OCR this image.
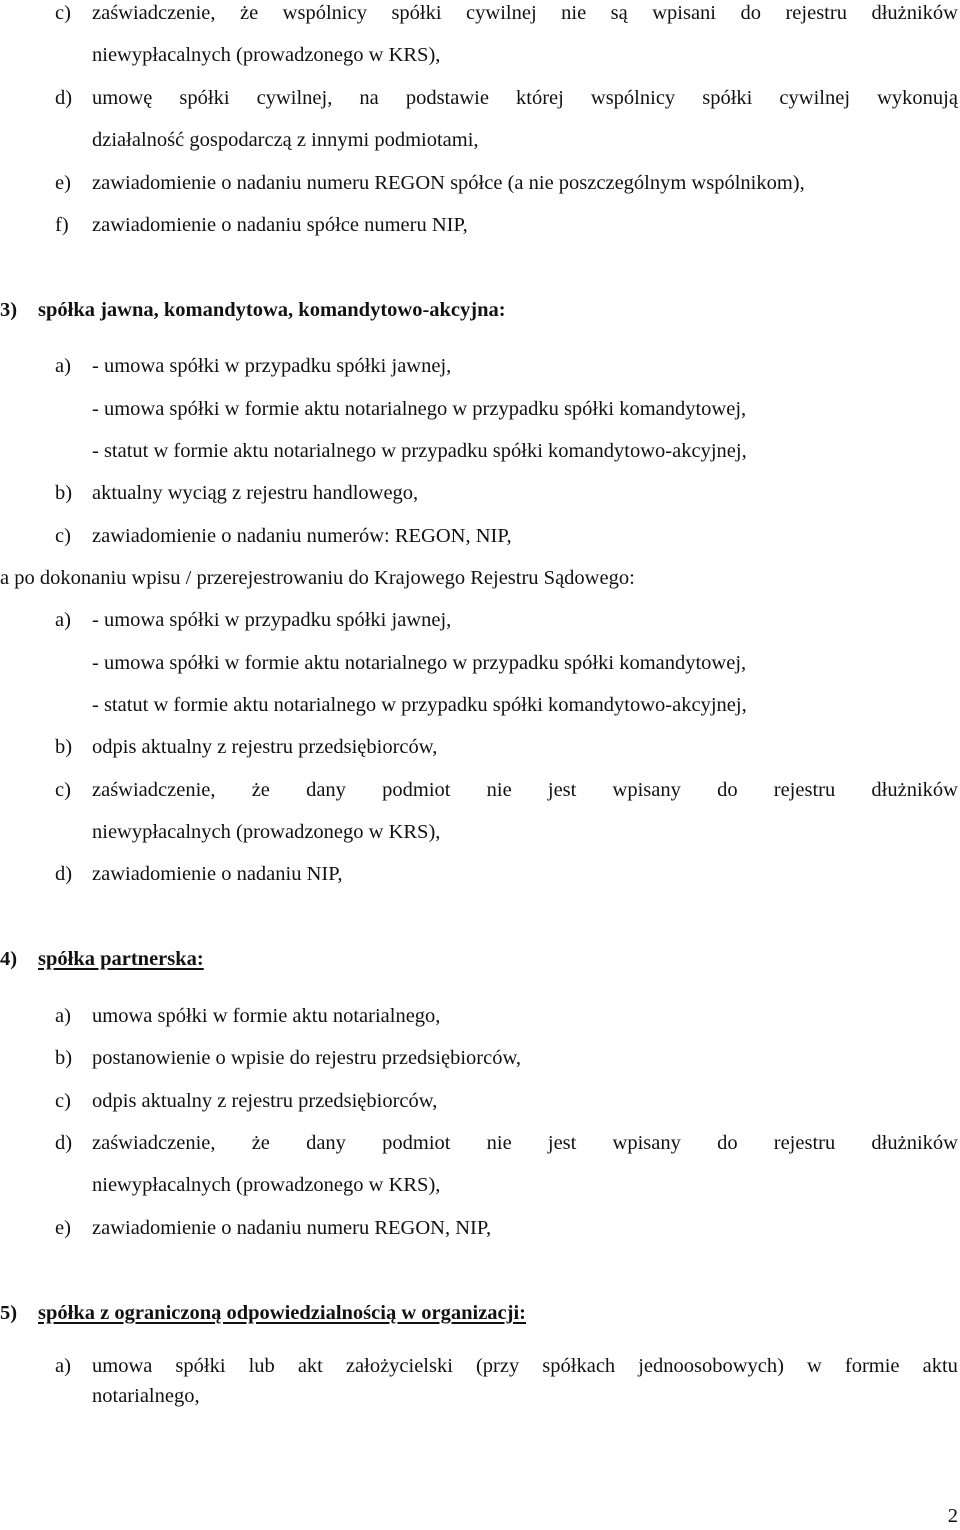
c) zaświadczenie, że wspólnicy spółki cywilnej nie są wpisani do rejestru dłużników
niewypłacalnych (prowadzonego w KRS),
d) umowę spółki cywilnej, na podstawie której wspólnicy spółki cywilnej wykonują
działalność gospodarczą z innymi podmiotami,
e) zawiadomienie o nadaniu numeru REGON spółce (a nie poszczególnym wspólnikom),
f) zawiadomienie o nadaniu spółce numeru NIP,
3) spółka jawna, komandytowa, komandytowo-akcyjna:
a) - umowa spółki w przypadku spółki jawnej,
- umowa spółki w formie aktu notarialnego w przypadku spółki komandytowej,
- statut w formie aktu notarialnego w przypadku spółki komandytowo-akcyjnej,
b) aktualny wyciąg z rejestru handlowego,
c) zawiadomienie o nadaniu numerów: REGON, NIP,
a po dokonaniu wpisu / przerejestrowaniu do Krajowego Rejestru Sądowego:
a) - umowa spółki w przypadku spółki jawnej,
- umowa spółki w formie aktu notarialnego w przypadku spółki komandytowej,
- statut w formie aktu notarialnego w przypadku spółki komandytowo-akcyjnej,
b) odpis aktualny z rejestru przedsiębiorców,
c) zaświadczenie, że dany podmiot nie jest wpisany do rejestru dłużników
niewypłacalnych (prowadzonego w KRS),
d) zawiadomienie o nadaniu NIP,
4) spółka partnerska:
a) umowa spółki w formie aktu notarialnego,
b) postanowienie o wpisie do rejestru przedsiębiorców,
c) odpis aktualny z rejestru przedsiębiorców,
d) zaświadczenie, że dany podmiot nie jest wpisany do rejestru dłużników
niewypłacalnych (prowadzonego w KRS),
e) zawiadomienie o nadaniu numeru REGON, NIP,
5) spółka z ograniczoną odpowiedzialnością w organizacji:
a) umowa spółki lub akt założycielski (przy spółkach jednoosobowych) w formie aktu
notarialnego,
2
